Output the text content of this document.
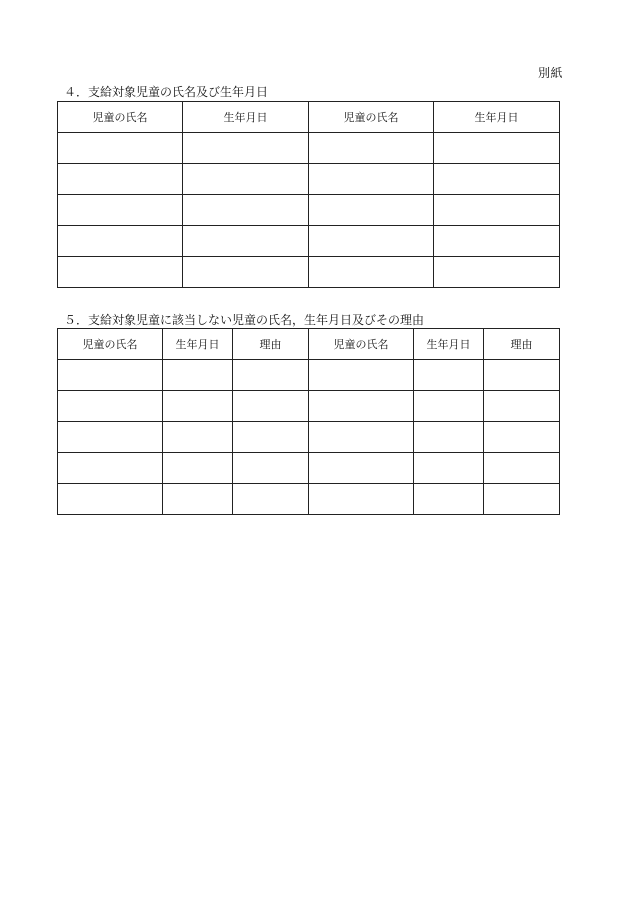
別紙
４．支給対象児童の氏名及び生年月日
児童の氏名	生年月日	児童の氏名	生年月日

５．支給対象児童に該当しない児童の氏名，生年月日及びその理由
児童の氏名	生年月日	理由	児童の氏名	生年月日	理由
